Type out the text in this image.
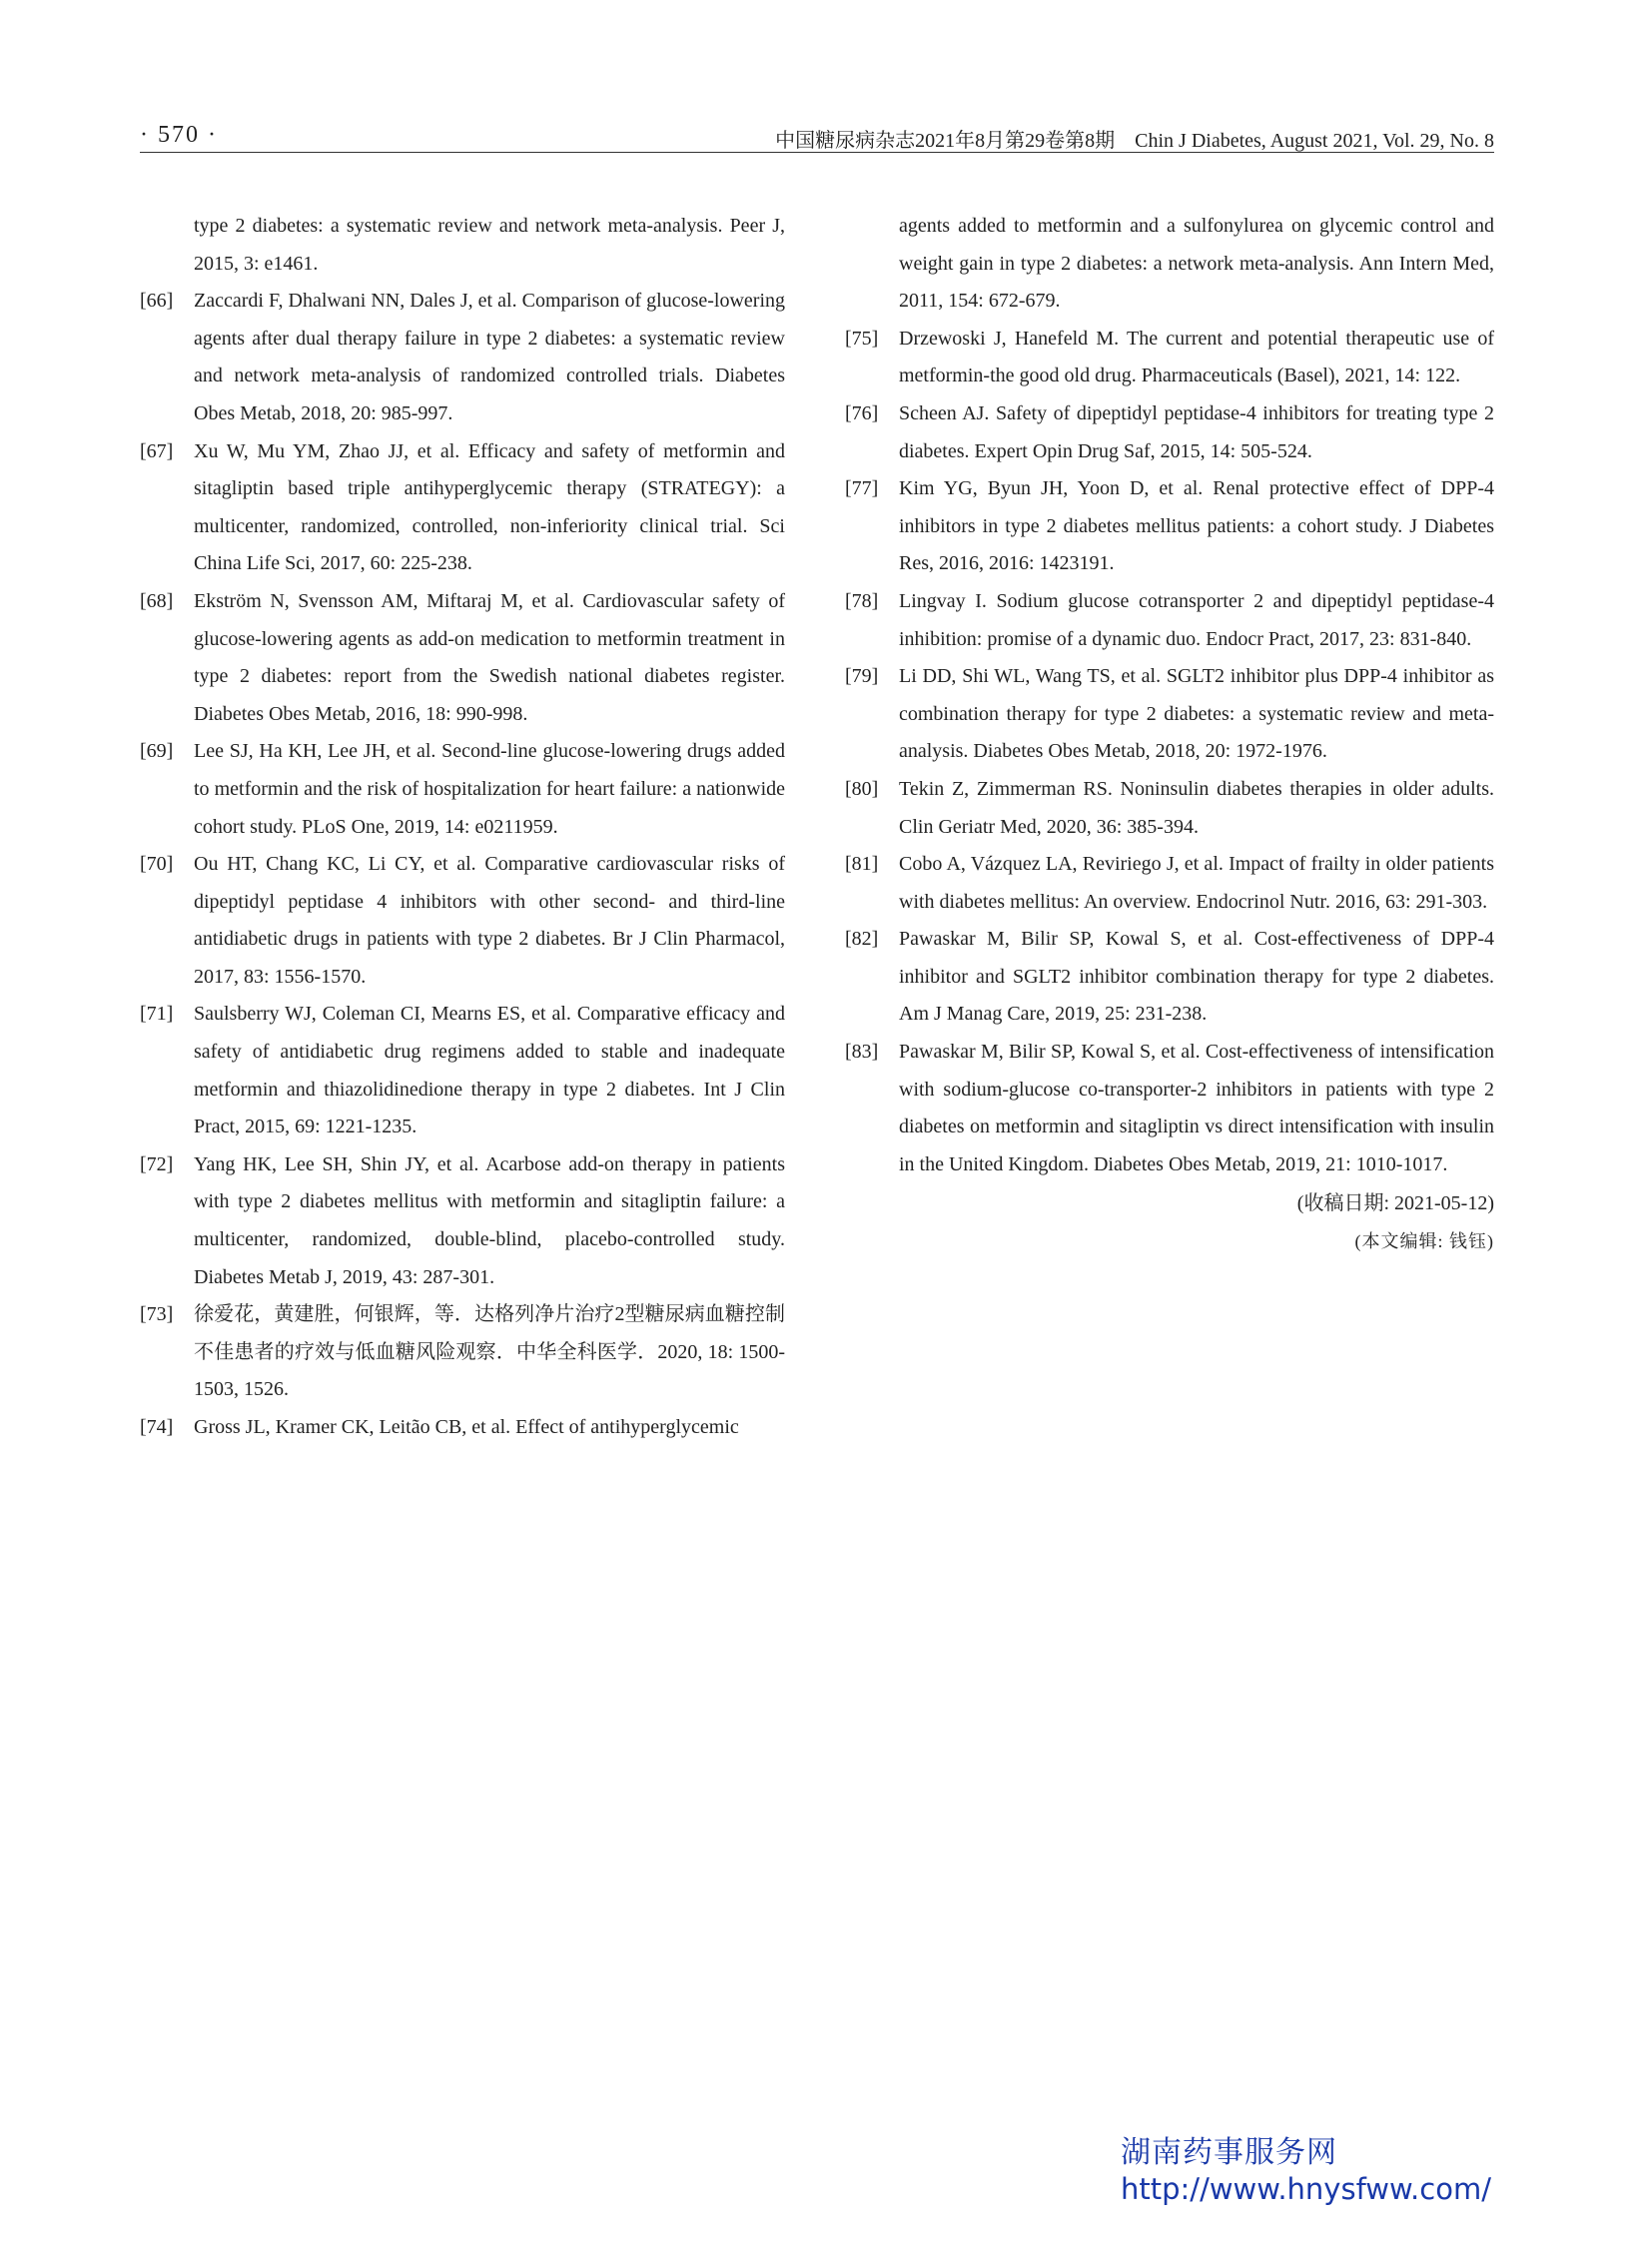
· 570 ·	中国糖尿病杂志2021年8月第29卷第8期　Chin J Diabetes, August 2021, Vol. 29, No. 8
type 2 diabetes: a systematic review and network meta-analysis. Peer J, 2015, 3: e1461.
[66] Zaccardi F, Dhalwani NN, Dales J, et al. Comparison of glucose-lowering agents after dual therapy failure in type 2 diabetes: a systematic review and network meta-analysis of randomized controlled trials. Diabetes Obes Metab, 2018, 20: 985-997.
[67] Xu W, Mu YM, Zhao JJ, et al. Efficacy and safety of metformin and sitagliptin based triple antihyperglycemic therapy (STRATEGY): a multicenter, randomized, controlled, non-inferiority clinical trial. Sci China Life Sci, 2017, 60: 225-238.
[68] Ekström N, Svensson AM, Miftaraj M, et al. Cardiovascular safety of glucose-lowering agents as add-on medication to metformin treatment in type 2 diabetes: report from the Swedish national diabetes register. Diabetes Obes Metab, 2016, 18: 990-998.
[69] Lee SJ, Ha KH, Lee JH, et al. Second-line glucose-lowering drugs added to metformin and the risk of hospitalization for heart failure: a nationwide cohort study. PLoS One, 2019, 14: e0211959.
[70] Ou HT, Chang KC, Li CY, et al. Comparative cardiovascular risks of dipeptidyl peptidase 4 inhibitors with other second- and third-line antidiabetic drugs in patients with type 2 diabetes. Br J Clin Pharmacol, 2017, 83: 1556-1570.
[71] Saulsberry WJ, Coleman CI, Mearns ES, et al. Comparative efficacy and safety of antidiabetic drug regimens added to stable and inadequate metformin and thiazolidinedione therapy in type 2 diabetes. Int J Clin Pract, 2015, 69: 1221-1235.
[72] Yang HK, Lee SH, Shin JY, et al. Acarbose add-on therapy in patients with type 2 diabetes mellitus with metformin and sitagliptin failure: a multicenter, randomized, double-blind, placebo-controlled study. Diabetes Metab J, 2019, 43: 287-301.
[73] 徐爱花，黄建胜，何银辉，等．达格列净片治疗2型糖尿病血糖控制不佳患者的疗效与低血糖风险观察．中华全科医学．2020, 18: 1500-1503, 1526.
[74] Gross JL, Kramer CK, Leitão CB, et al. Effect of antihyperglycemic
agents added to metformin and a sulfonylurea on glycemic control and weight gain in type 2 diabetes: a network meta-analysis. Ann Intern Med, 2011, 154: 672-679.
[75] Drzewoski J, Hanefeld M. The current and potential therapeutic use of metformin-the good old drug. Pharmaceuticals (Basel), 2021, 14: 122.
[76] Scheen AJ. Safety of dipeptidyl peptidase-4 inhibitors for treating type 2 diabetes. Expert Opin Drug Saf, 2015, 14: 505-524.
[77] Kim YG, Byun JH, Yoon D, et al. Renal protective effect of DPP-4 inhibitors in type 2 diabetes mellitus patients: a cohort study. J Diabetes Res, 2016, 2016: 1423191.
[78] Lingvay I. Sodium glucose cotransporter 2 and dipeptidyl peptidase-4 inhibition: promise of a dynamic duo. Endocr Pract, 2017, 23: 831-840.
[79] Li DD, Shi WL, Wang TS, et al. SGLT2 inhibitor plus DPP-4 inhibitor as combination therapy for type 2 diabetes: a systematic review and meta-analysis. Diabetes Obes Metab, 2018, 20: 1972-1976.
[80] Tekin Z, Zimmerman RS. Noninsulin diabetes therapies in older adults. Clin Geriatr Med, 2020, 36: 385-394.
[81] Cobo A, Vázquez LA, Reviriego J, et al. Impact of frailty in older patients with diabetes mellitus: An overview. Endocrinol Nutr. 2016, 63: 291-303.
[82] Pawaskar M, Bilir SP, Kowal S, et al. Cost-effectiveness of DPP-4 inhibitor and SGLT2 inhibitor combination therapy for type 2 diabetes. Am J Manag Care, 2019, 25: 231-238.
[83] Pawaskar M, Bilir SP, Kowal S, et al. Cost-effectiveness of intensification with sodium-glucose co-transporter-2 inhibitors in patients with type 2 diabetes on metformin and sitagliptin vs direct intensification with insulin in the United Kingdom. Diabetes Obes Metab, 2019, 21: 1010-1017.
(收稿日期: 2021-05-12)
(本文编辑: 钱钰)
湖南药事服务网
http://www.hnysfww.com/
